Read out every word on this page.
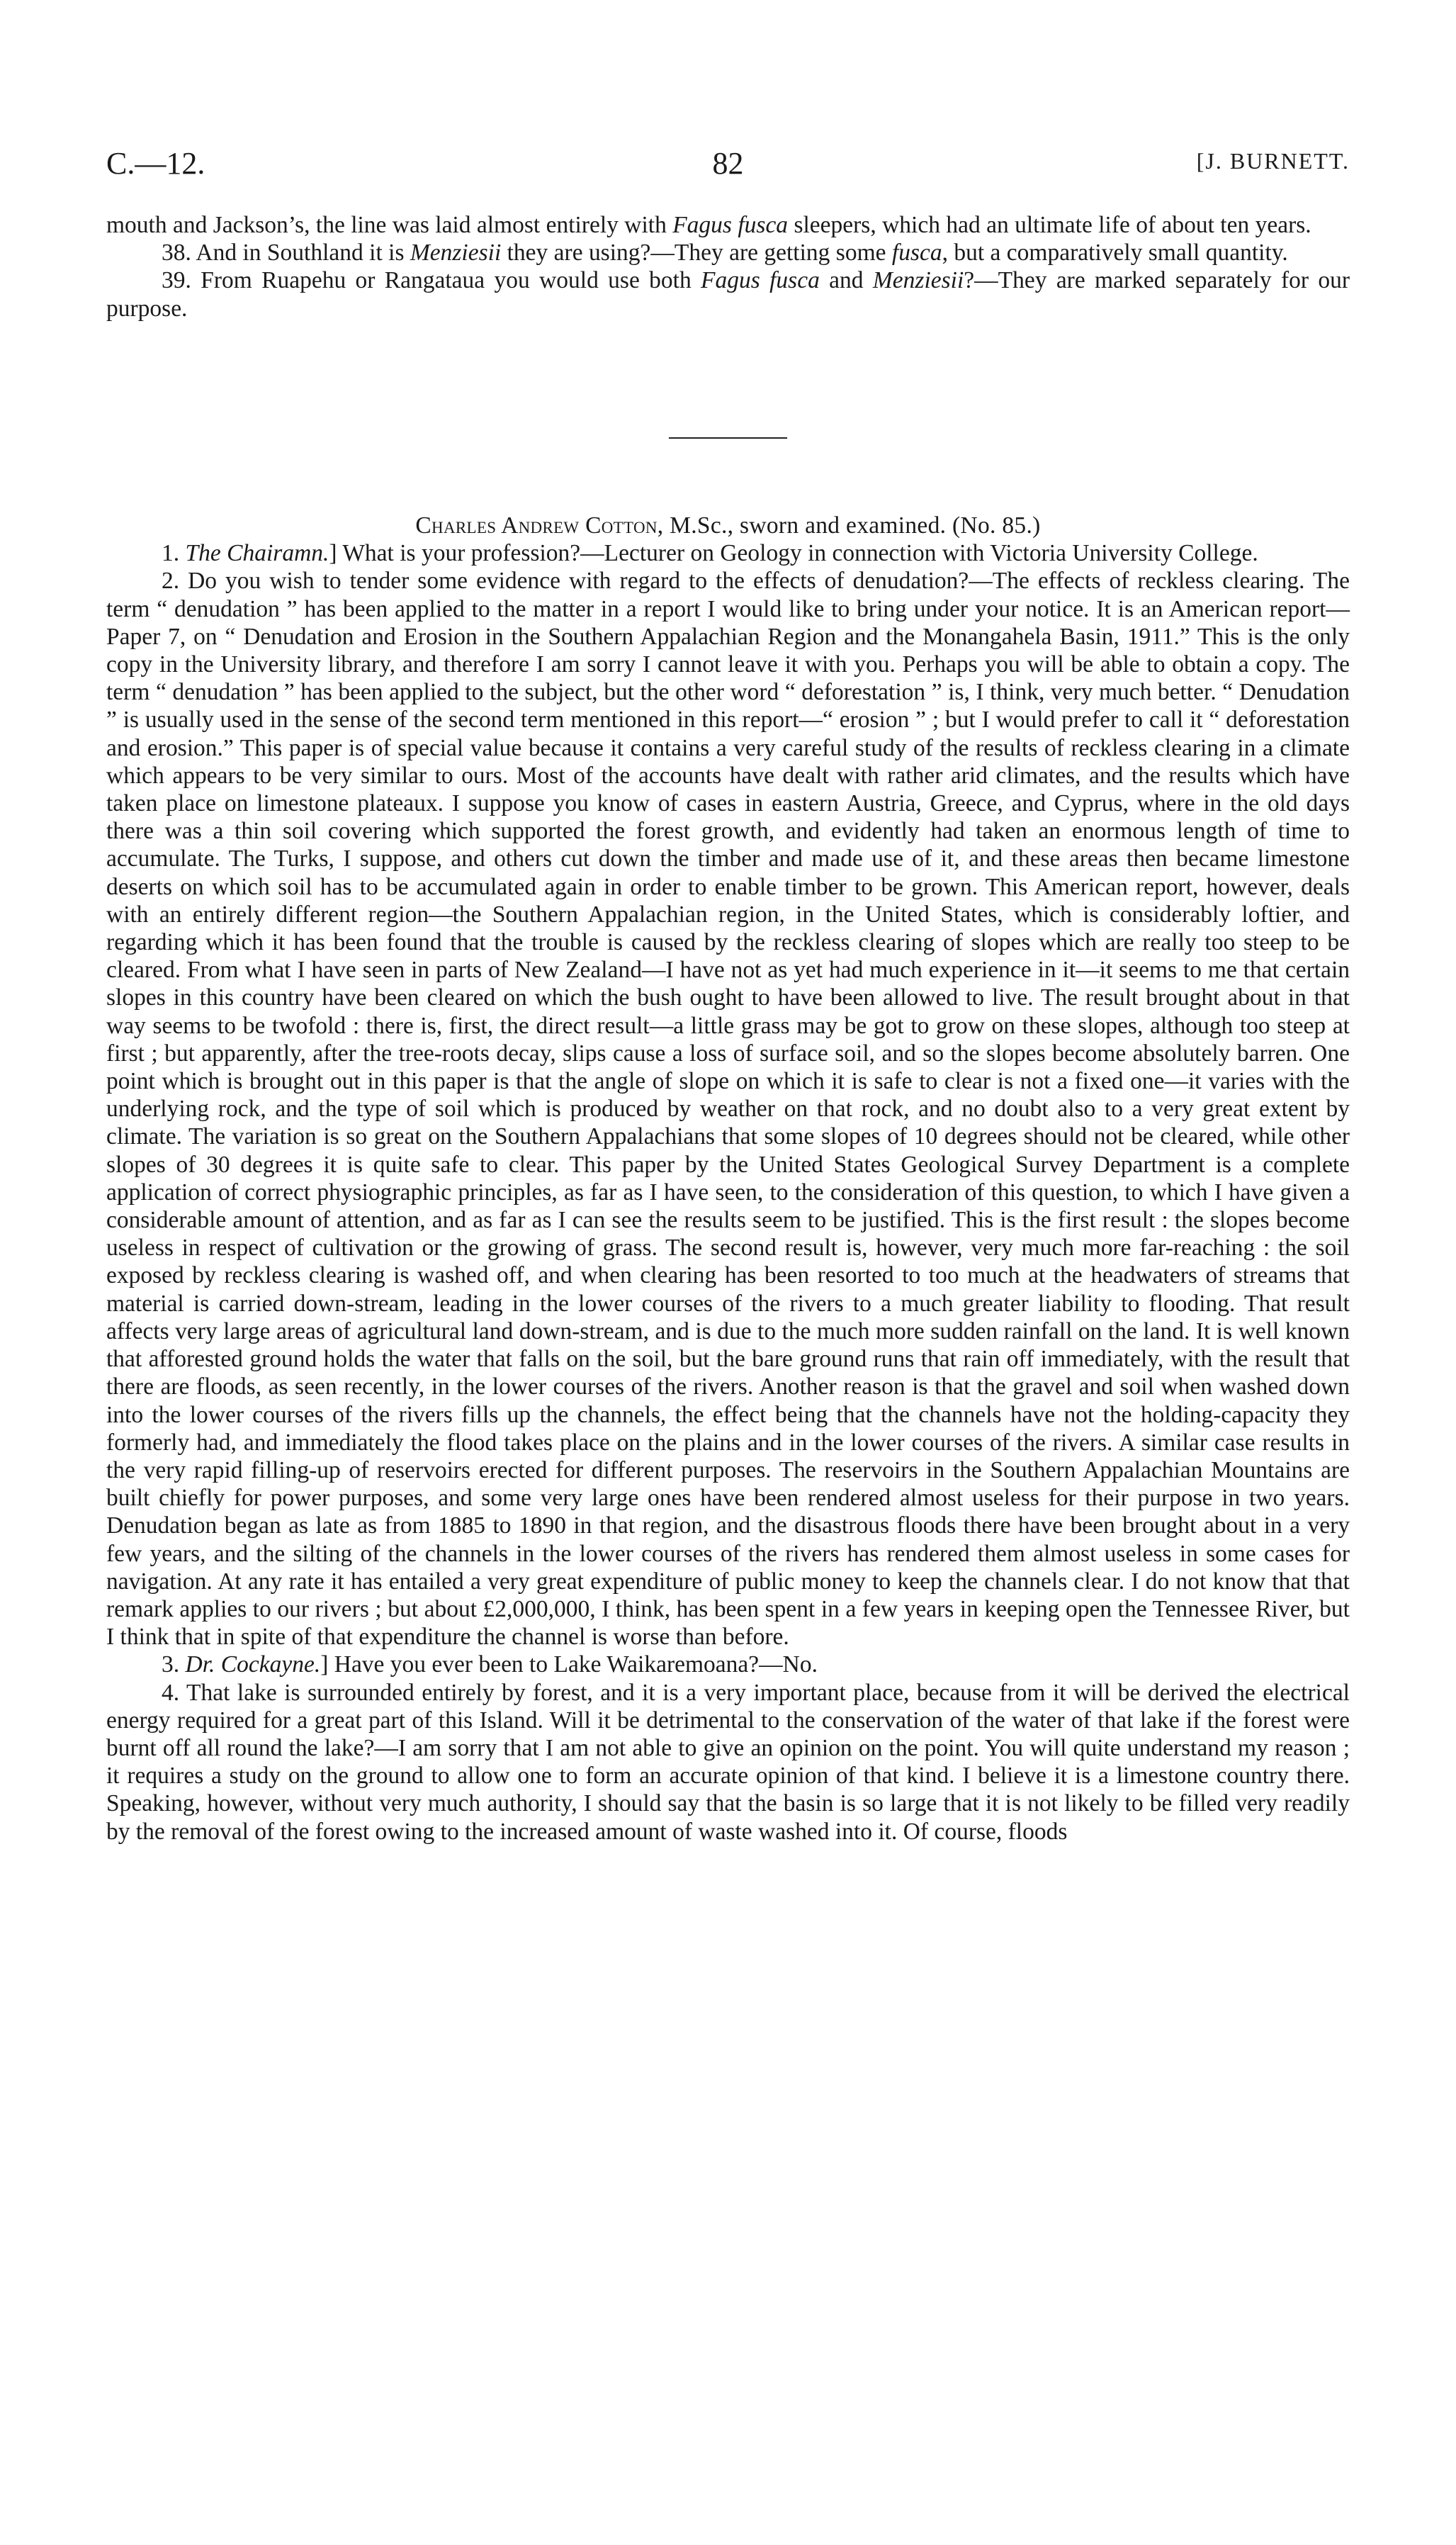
C.—12.	82	[J. BURNETT.

mouth and Jackson’s, the line was laid almost entirely with Fagus fusca sleepers, which had an ultimate life of about ten years.

38. And in Southland it is Menziesii they are using?—They are getting some fusca, but a comparatively small quantity.

39. From Ruapehu or Rangataua you would use both Fagus fusca and Menziesii?—They are marked separately for our purpose.

Charles Andrew Cotton, M.Sc., sworn and examined. (No. 85.)

1. The Chairamn.] What is your profession?—Lecturer on Geology in connection with Victoria University College.

2. Do you wish to tender some evidence with regard to the effects of denudation?—The effects of reckless clearing. The term “ denudation ” has been applied to the matter in a report I would like to bring under your notice. It is an American report—Paper 7, on “ Denudation and Erosion in the Southern Appalachian Region and the Monangahela Basin, 1911.” This is the only copy in the University library, and therefore I am sorry I cannot leave it with you. Perhaps you will be able to obtain a copy. The term “ denudation ” has been applied to the subject, but the other word “ deforestation ” is, I think, very much better. “ Denudation ” is usually used in the sense of the second term mentioned in this report—“ erosion ” ; but I would prefer to call it “ deforestation and erosion.” This paper is of special value because it contains a very careful study of the results of reckless clearing in a climate which appears to be very similar to ours. Most of the accounts have dealt with rather arid climates, and the results which have taken place on limestone plateaux. I suppose you know of cases in eastern Austria, Greece, and Cyprus, where in the old days there was a thin soil covering which supported the forest growth, and evidently had taken an enormous length of time to accumulate. The Turks, I suppose, and others cut down the timber and made use of it, and these areas then became limestone deserts on which soil has to be accumulated again in order to enable timber to be grown. This American report, however, deals with an entirely different region—the Southern Appalachian region, in the United States, which is considerably loftier, and regarding which it has been found that the trouble is caused by the reckless clearing of slopes which are really too steep to be cleared. From what I have seen in parts of New Zealand—I have not as yet had much experience in it—it seems to me that certain slopes in this country have been cleared on which the bush ought to have been allowed to live. The result brought about in that way seems to be twofold : there is, first, the direct result—a little grass may be got to grow on these slopes, although too steep at first ; but apparently, after the tree-roots decay, slips cause a loss of surface soil, and so the slopes become absolutely barren. One point which is brought out in this paper is that the angle of slope on which it is safe to clear is not a fixed one—it varies with the underlying rock, and the type of soil which is produced by weather on that rock, and no doubt also to a very great extent by climate. The variation is so great on the Southern Appalachians that some slopes of 10 degrees should not be cleared, while other slopes of 30 degrees it is quite safe to clear. This paper by the United States Geological Survey Department is a complete application of correct physiographic principles, as far as I have seen, to the consideration of this question, to which I have given a considerable amount of attention, and as far as I can see the results seem to be justified. This is the first result : the slopes become useless in respect of cultivation or the growing of grass. The second result is, however, very much more far-reaching : the soil exposed by reckless clearing is washed off, and when clearing has been resorted to too much at the headwaters of streams that material is carried down-stream, leading in the lower courses of the rivers to a much greater liability to flooding. That result affects very large areas of agricultural land down-stream, and is due to the much more sudden rainfall on the land. It is well known that afforested ground holds the water that falls on the soil, but the bare ground runs that rain off immediately, with the result that there are floods, as seen recently, in the lower courses of the rivers. Another reason is that the gravel and soil when washed down into the lower courses of the rivers fills up the channels, the effect being that the channels have not the holding-capacity they formerly had, and immediately the flood takes place on the plains and in the lower courses of the rivers. A similar case results in the very rapid filling-up of reservoirs erected for different purposes. The reservoirs in the Southern Appalachian Mountains are built chiefly for power purposes, and some very large ones have been rendered almost useless for their purpose in two years. Denudation began as late as from 1885 to 1890 in that region, and the disastrous floods there have been brought about in a very few years, and the silting of the channels in the lower courses of the rivers has rendered them almost useless in some cases for navigation. At any rate it has entailed a very great expenditure of public money to keep the channels clear. I do not know that that remark applies to our rivers ; but about £2,000,000, I think, has been spent in a few years in keeping open the Tennessee River, but I think that in spite of that expenditure the channel is worse than before.

3. Dr. Cockayne.] Have you ever been to Lake Waikaremoana?—No.

4. That lake is surrounded entirely by forest, and it is a very important place, because from it will be derived the electrical energy required for a great part of this Island. Will it be detrimental to the conservation of the water of that lake if the forest were burnt off all round the lake?—I am sorry that I am not able to give an opinion on the point. You will quite understand my reason ; it requires a study on the ground to allow one to form an accurate opinion of that kind. I believe it is a limestone country there. Speaking, however, without very much authority, I should say that the basin is so large that it is not likely to be filled very readily by the removal of the forest owing to the increased amount of waste washed into it. Of course, floods
